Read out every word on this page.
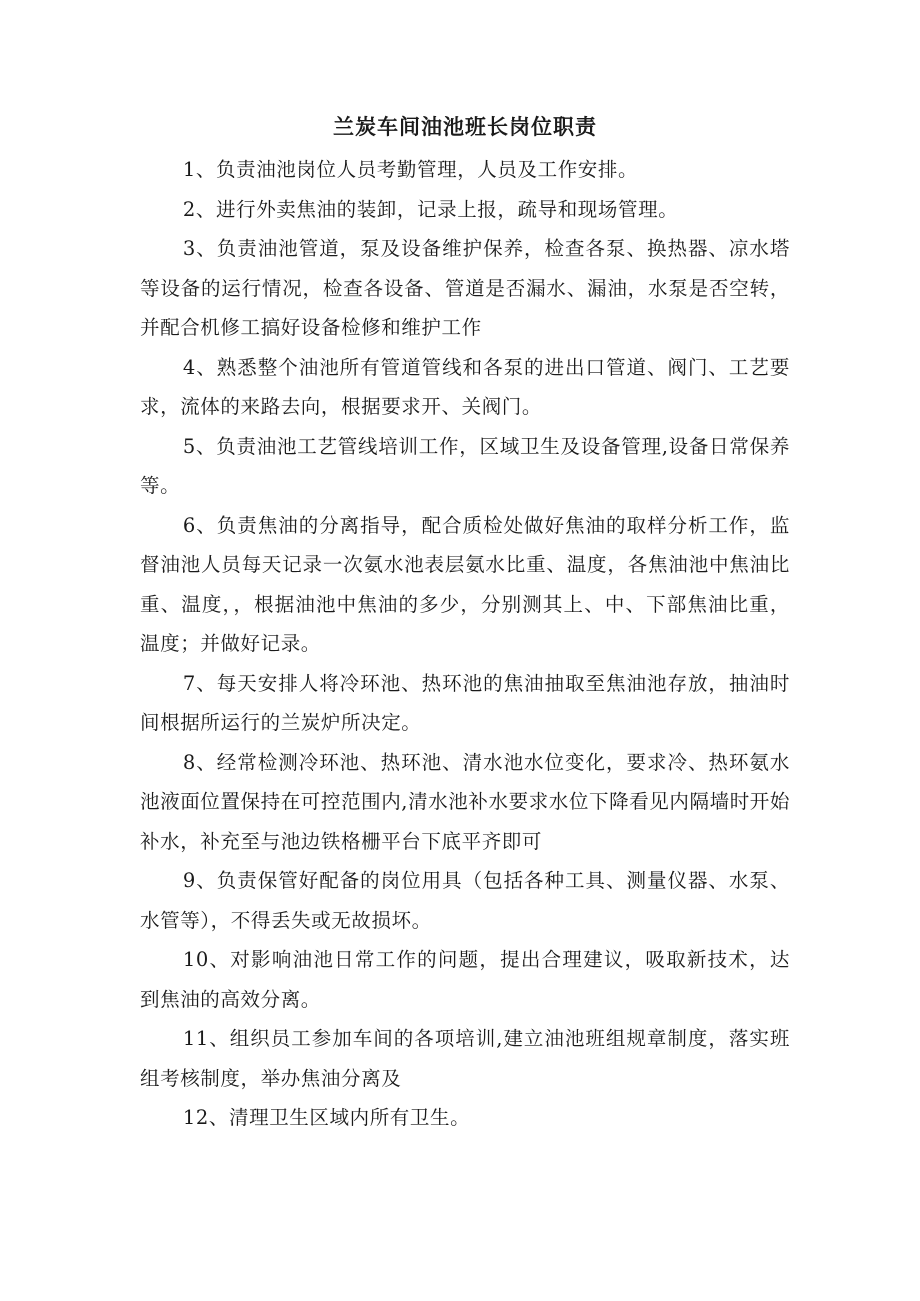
兰炭车间油池班长岗位职责

1、负责油池岗位人员考勤管理，人员及工作安排。

2、进行外卖焦油的装卸，记录上报，疏导和现场管理。

3、负责油池管道，泵及设备维护保养，检查各泵、换热器、凉水塔等设备的运行情况，检查各设备、管道是否漏水、漏油，水泵是否空转，并配合机修工搞好设备检修和维护工作

4、熟悉整个油池所有管道管线和各泵的进出口管道、阀门、工艺要求，流体的来路去向，根据要求开、关阀门。

5、负责油池工艺管线培训工作，区域卫生及设备管理,设备日常保养等。

6、负责焦油的分离指导，配合质检处做好焦油的取样分析工作，监督油池人员每天记录一次氨水池表层氨水比重、温度，各焦油池中焦油比重、温度，，根据油池中焦油的多少，分别测其上、中、下部焦油比重，温度；并做好记录。

7、每天安排人将冷环池、热环池的焦油抽取至焦油池存放，抽油时间根据所运行的兰炭炉所决定。

8、经常检测冷环池、热环池、清水池水位变化，要求冷、热环氨水池液面位置保持在可控范围内,清水池补水要求水位下降看见内隔墙时开始补水，补充至与池边铁格栅平台下底平齐即可

9、负责保管好配备的岗位用具（包括各种工具、测量仪器、水泵、水管等），不得丢失或无故损坏。

10、对影响油池日常工作的问题，提出合理建议，吸取新技术，达到焦油的高效分离。

11、组织员工参加车间的各项培训,建立油池班组规章制度，落实班组考核制度，举办焦油分离及

12、清理卫生区域内所有卫生。
